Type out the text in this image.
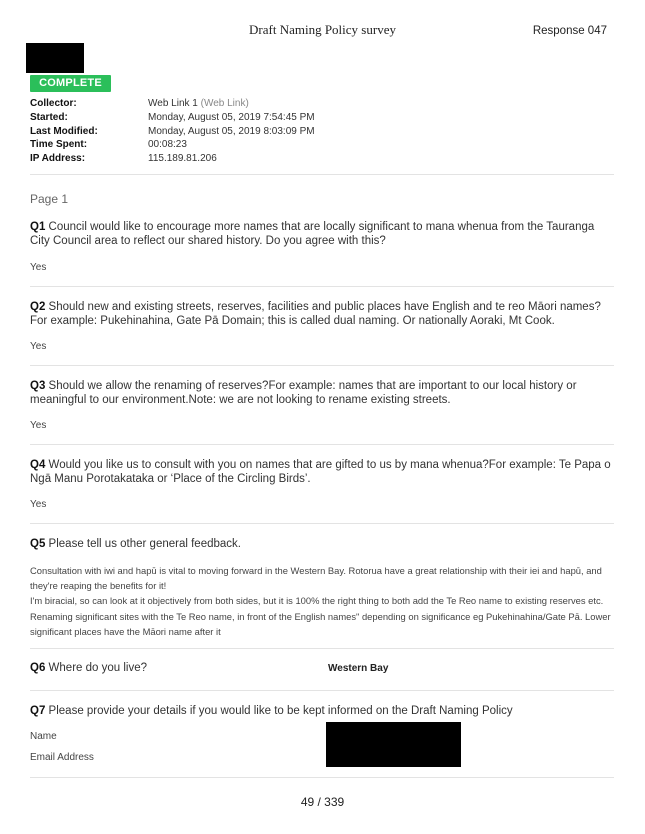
Draft Naming Policy survey	Response 047
COMPLETE
Collector:	Web Link 1 (Web Link)
Started:	Monday, August 05, 2019 7:54:45 PM
Last Modified:	Monday, August 05, 2019 8:03:09 PM
Time Spent:	00:08:23
IP Address:	115.189.81.206
Page 1
Q1 Council would like to encourage more names that are locally significant to mana whenua from the Tauranga City Council area to reflect our shared history. Do you agree with this?
Yes
Q2 Should new and existing streets, reserves, facilities and public places have English and te reo Māori names?For example: Pukehinahina, Gate Pā Domain; this is called dual naming. Or nationally Aoraki, Mt Cook.
Yes
Q3 Should we allow the renaming of reserves?For example: names that are important to our local history or meaningful to our environment.Note: we are not looking to rename existing streets.
Yes
Q4 Would you like us to consult with you on names that are gifted to us by mana whenua?For example: Te Papa o Ngā Manu Porotakataka or ‘Place of the Circling Birds’.
Yes
Q5 Please tell us other general feedback.
Consultation with iwi and hapū is vital to moving forward in the Western Bay. Rotorua have a great relationship with their iei and hapū, and they're reaping the benefits for it!
I'm biracial, so can look at it objectively from both sides, but it is 100% the right thing to both add the Te Reo name to existing reserves etc. Renaming significant sites with the Te Reo name, in front of the English names" depending on significance eg Pukehinahina/Gate Pā. Lower significant places have the Māori name after it
Q6 Where do you live?	Western Bay
Q7 Please provide your details if you would like to be kept informed on the Draft Naming Policy
Name
Email Address
49 / 339
